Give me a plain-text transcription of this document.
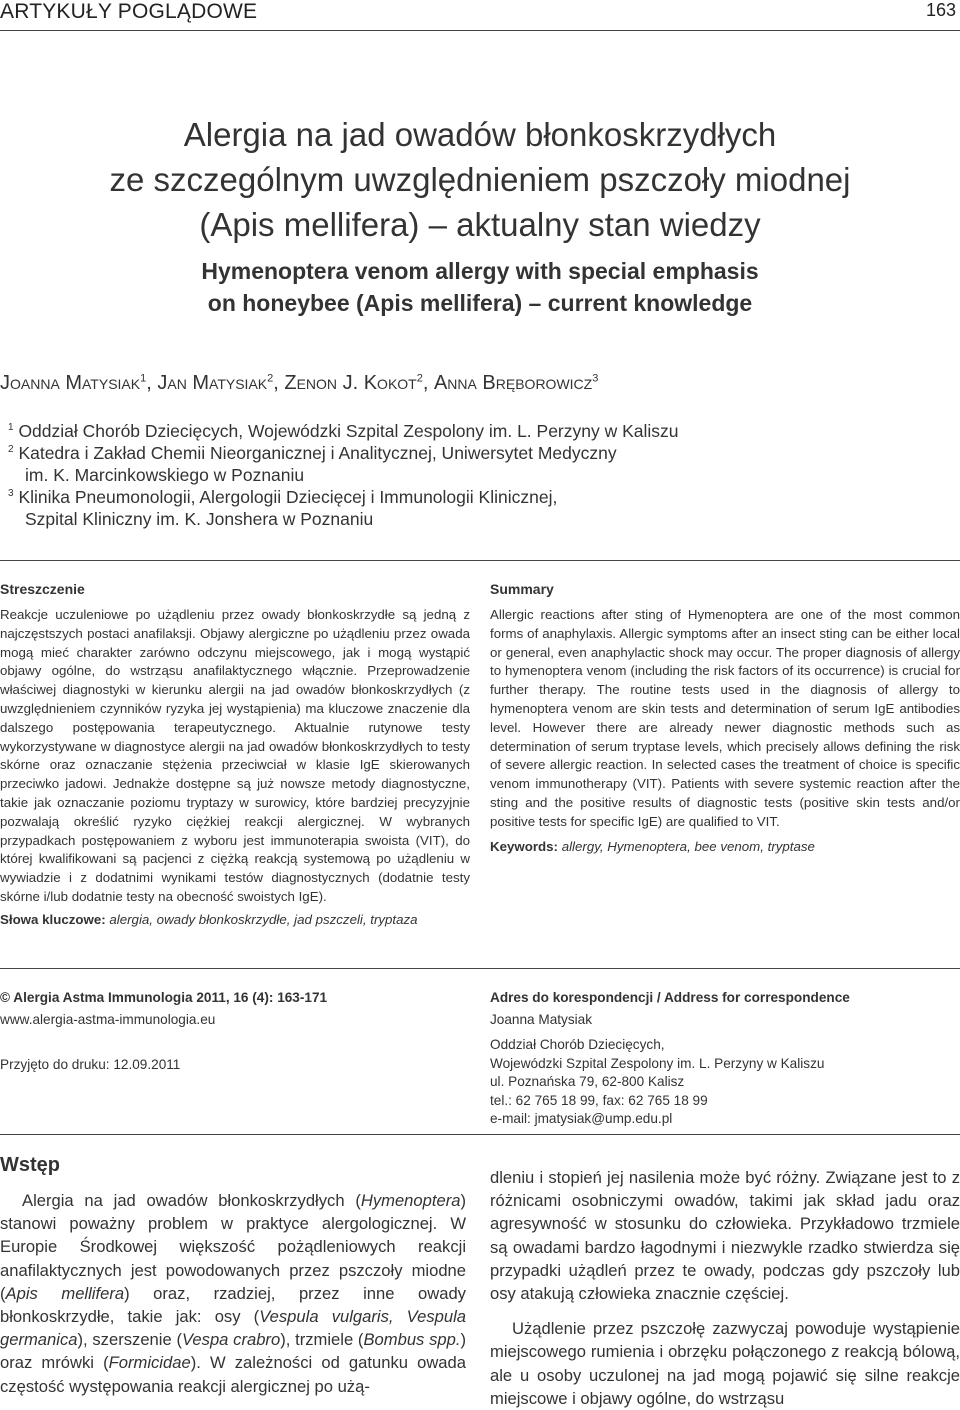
ARTYKUŁY POGLĄDOWE	163
Alergia na jad owadów błonkoskrzydłych
ze szczególnym uwzględnieniem pszczoły miodnej
(Apis mellifera) – aktualny stan wiedzy
Hymenoptera venom allergy with special emphasis
on honeybee (Apis mellifera) – current knowledge
Joanna Matysiak$^1$, Jan Matysiak$^2$, Zenon J. Kokot$^2$, Anna Bręborowicz$^3$
$^1$ Oddział Chorób Dziecięcych, Wojewódzki Szpital Zespolony im. L. Perzyny w Kaliszu
$^2$ Katedra i Zakład Chemii Nieorganicznej i Analitycznej, Uniwersytet Medyczny
im. K. Marcinkowskiego w Poznaniu
$^3$ Klinika Pneumonologii, Alergologii Dziecięcej i Immunologii Klinicznej,
Szpital Kliniczny im. K. Jonshera w Poznaniu
Streszczenie

Reakcje uczuleniowe po użądleniu przez owady błonkoskrzydłe są jedną z najczęstszych postaci anafilaksji. Objawy alergiczne po użądleniu przez owada mogą mieć charakter zarówno odczynu miejscowego, jak i mogą wystąpić objawy ogólne, do wstrząsu anafilaktycznego włącznie. Przeprowadzenie właściwej diagnostyki w kierunku alergii na jad owadów błonkoskrzydłych (z uwzględnieniem czynników ryzyka jej wystąpienia) ma kluczowe znaczenie dla dalszego postępowania terapeutycznego. Aktualnie rutynowe testy wykorzystywane w diagnostyce alergii na jad owadów błonkoskrzydłych to testy skórne oraz oznaczanie stężenia przeciwciał w klasie IgE skierowanych przeciwko jadowi. Jednakże dostępne są już nowsze metody diagnostyczne, takie jak oznaczanie poziomu tryptazy w surowicy, które bardziej precyzyjnie pozwalają określić ryzyko ciężkiej reakcji alergicznej. W wybranych przypadkach postępowaniem z wyboru jest immunoterapia swoista (VIT), do której kwalifikowani są pacjenci z ciężką reakcją systemową po użądleniu w wywiadzie i z dodatnimi wynikami testów diagnostycznych (dodatnie testy skórne i/lub dodatnie testy na obecność swoistych IgE).

Słowa kluczowe: alergia, owady błonkoskrzydłe, jad pszczeli, tryptaza

Summary

Allergic reactions after sting of Hymenoptera are one of the most common forms of anaphylaxis. Allergic symptoms after an insect sting can be either local or general, even anaphylactic shock may occur. The proper diagnosis of allergy to hymenoptera venom (including the risk factors of its occurrence) is crucial for further therapy. The routine tests used in the diagnosis of allergy to hymenoptera venom are skin tests and determination of serum IgE antibodies level. However there are already newer diagnostic methods such as determination of serum tryptase levels, which precisely allows defining the risk of severe allergic reaction. In selected cases the treatment of choice is specific venom immunotherapy (VIT). Patients with severe systemic reaction after the sting and the positive results of diagnostic tests (positive skin tests and/or positive tests for specific IgE) are qualified to VIT.

Keywords: allergy, Hymenoptera, bee venom, tryptase

© Alergia Astma Immunologia 2011, 16 (4): 163-171
www.alergia-astma-immunologia.eu
Przyjęto do druku: 12.09.2011
Adres do korespondencji / Address for correspondence
Joanna Matysiak
Oddział Chorób Dziecięcych,
Wojewódzki Szpital Zespolony im. L. Perzyny w Kaliszu
ul. Poznańska 79, 62-800 Kalisz
tel.: 62 765 18 99, fax: 62 765 18 99
e-mail: jmatysiak@ump.edu.pl
Wstęp

Alergia na jad owadów błonkoskrzydłych (Hymenoptera) stanowi poważny problem w praktyce alergologicznej. W Europie Środkowej większość pożądleniowych reakcji anafilaktycznych jest powodowanych przez pszczoły miodne (Apis mellifera) oraz, rzadziej, przez inne owady błonkoskrzydłe, takie jak: osy (Vespula vulgaris, Vespula germanica), szerszenie (Vespa crabro), trzmiele (Bombus spp.) oraz mrówki (Formicidae). W zależności od gatunku owada częstość występowania reakcji alergicznej po użą-

dleniu i stopień jej nasilenia może być różny. Związane jest to z różnicami osobniczymi owadów, takimi jak skład jadu oraz agresywność w stosunku do człowieka. Przykładowo trzmiele są owadami bardzo łagodnymi i niezwykle rzadko stwierdza się przypadki użądleń przez te owady, podczas gdy pszczoły lub osy atakują człowieka znacznie częściej.

Użądlenie przez pszczołę zazwyczaj powoduje wystąpienie miejscowego rumienia i obrzęku połączonego z reakcją bólową, ale u osoby uczulonej na jad mogą pojawić się silne reakcje miejscowe i objawy ogólne, do wstrząsu
